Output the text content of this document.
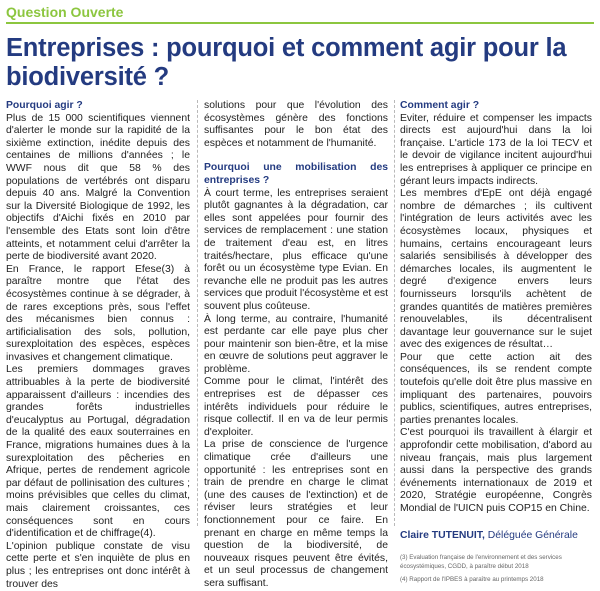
Question Ouverte
Entreprises : pourquoi et comment agir pour la biodiversité ?

Pourquoi agir ?

Plus de 15 000 scientifiques viennent d'alerter le monde sur la rapidité de la sixième extinction, inédite depuis des centaines de millions d'années ; le WWF nous dit que 58 % des populations de vertébrés ont disparu depuis 40 ans. Malgré la Convention sur la Diversité Biologique de 1992, les objectifs d'Aichi fixés en 2010 par l'ensemble des Etats sont loin d'être atteints, et notamment celui d'arrêter la perte de biodiversité avant 2020.

En France, le rapport Efese(3) à paraître montre que l'état des écosystèmes continue à se dégrader, à de rares exceptions près, sous l'effet des mécanismes bien connus : artificialisation des sols, pollution, surexploitation des espèces, espèces invasives et changement climatique.

Les premiers dommages graves attribuables à la perte de biodiversité apparaissent d'ailleurs : incendies des grandes forêts industrielles d'eucalyptus au Portugal, dégradation de la qualité des eaux souterraines en France, migrations humaines dues à la surexploitation des pêcheries en Afrique, pertes de rendement agricole par défaut de pollinisation des cultures ; moins prévisibles que celles du climat, mais clairement croissantes, ces conséquences sont en cours d'identification et de chiffrage(4).

L'opinion publique constate de visu cette perte et s'en inquiète de plus en plus ; les entreprises ont donc intérêt à trouver des

solutions pour que l'évolution des écosystèmes génère des fonctions suffisantes pour le bon état des espèces et notamment de l'humanité.

Pourquoi une mobilisation des entreprises ?

À court terme, les entreprises seraient plutôt gagnantes à la dégradation, car elles sont appelées pour fournir des services de remplacement : une station de traitement d'eau est, en litres traités/hectare, plus efficace qu'une forêt ou un écosystème type Evian. En revanche elle ne produit pas les autres services que produit l'écosystème et est souvent plus coûteuse.

À long terme, au contraire, l'humanité est perdante car elle paye plus cher pour maintenir son bien-être, et la mise en œuvre de solutions peut aggraver le problème.

Comme pour le climat, l'intérêt des entreprises est de dépasser ces intérêts individuels pour réduire le risque collectif. Il en va de leur permis d'exploiter.

La prise de conscience de l'urgence climatique crée d'ailleurs une opportunité : les entreprises sont en train de prendre en charge le climat (une des causes de l'extinction) et de réviser leurs stratégies et leur fonctionnement pour ce faire. En prenant en charge en même temps la question de la biodiversité, de nouveaux risques peuvent être évités, et un seul processus de changement sera suffisant.

Comment agir ?

Eviter, réduire et compenser les impacts directs est aujourd'hui dans la loi française. L'article 173 de la loi TECV et le devoir de vigilance incitent aujourd'hui les entreprises à appliquer ce principe en gérant leurs impacts indirects.

Les membres d'EpE ont déjà engagé nombre de démarches ; ils cultivent l'intégration de leurs activités avec les écosystèmes locaux, physiques et humains, certains encourageant leurs salariés sensibilisés à développer des démarches locales, ils augmentent le degré d'exigence envers leurs fournisseurs lorsqu'ils achètent de grandes quantités de matières premières renouvelables, ils décentralisent davantage leur gouvernance sur le sujet avec des exigences de résultat…

Pour que cette action ait des conséquences, ils se rendent compte toutefois qu'elle doit être plus massive en impliquant des partenaires, pouvoirs publics, scientifiques, autres entreprises, parties prenantes locales.

C'est pourquoi ils travaillent à élargir et approfondir cette mobilisation, d'abord au niveau français, mais plus largement aussi dans la perspective des grands événements internationaux de 2019 et 2020, Stratégie européenne, Congrès Mondial de l'UICN puis COP15 en Chine.

Claire TUTENUIT, Déléguée Générale

(3) Evaluation française de l'environnement et des services écosystémiques, CGDD, à paraître début 2018
(4) Rapport de l'IPBES à paraître au printemps 2018
